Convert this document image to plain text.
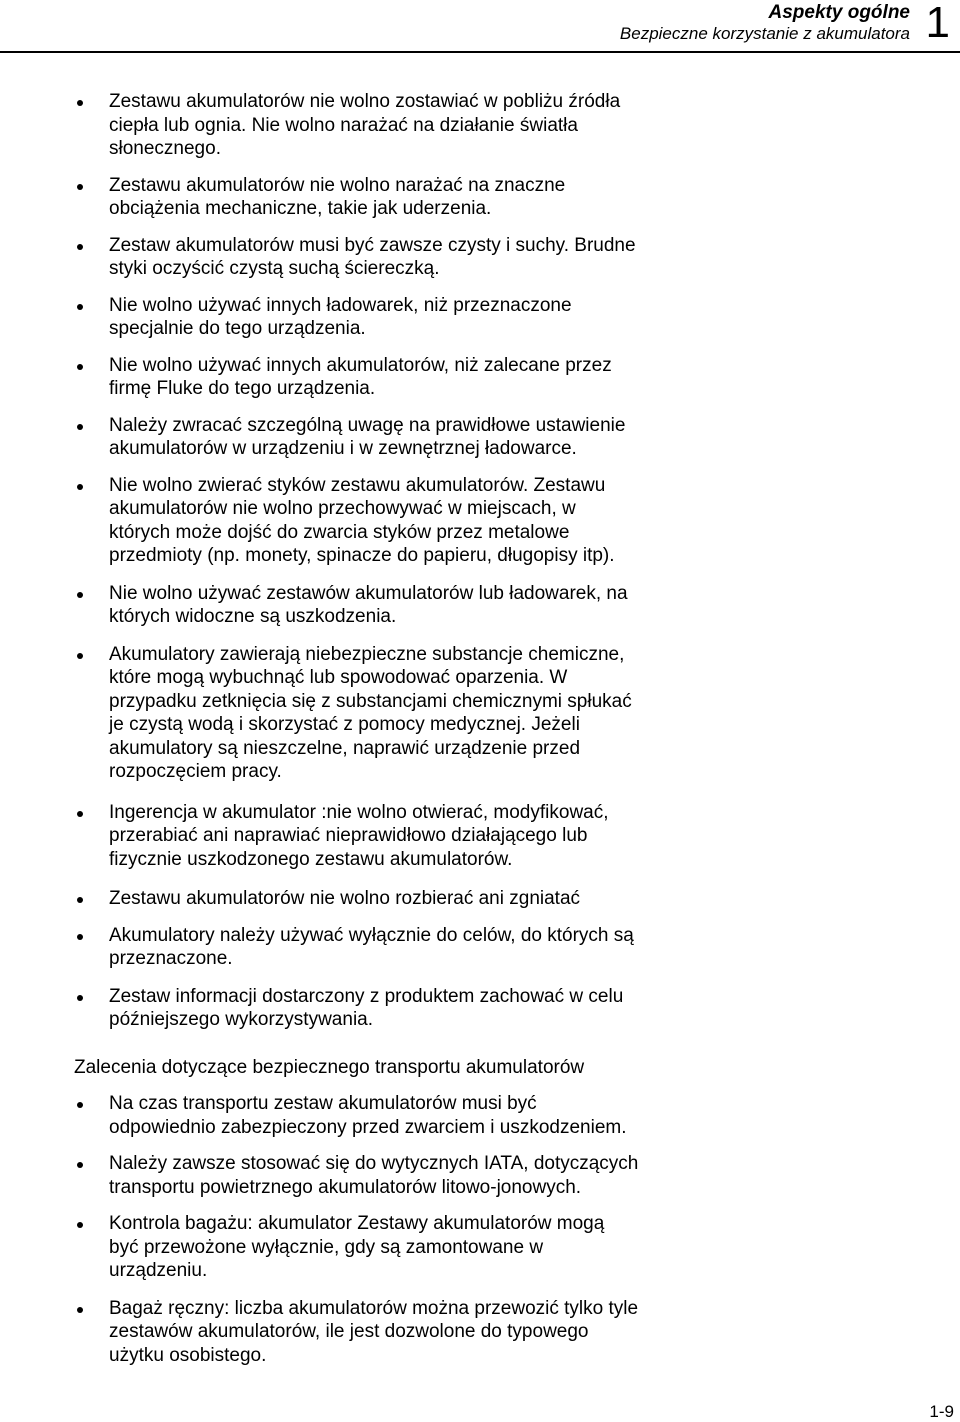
Aspekty ogólne
Bezpieczne korzystanie z akumulatora 1
Zestawu akumulatorów nie wolno zostawiać w pobliżu źródła
ciepła lub ognia. Nie wolno narażać na działanie światła
słonecznego.
Zestawu akumulatorów nie wolno narażać na znaczne
obciążenia mechaniczne, takie jak uderzenia.
Zestaw akumulatorów musi być zawsze czysty i suchy. Brudne
styki oczyścić czystą suchą ściereczką.
Nie wolno używać innych ładowarek, niż przeznaczone
specjalnie do tego urządzenia.
Nie wolno używać innych akumulatorów, niż zalecane przez
firmę Fluke do tego urządzenia.
Należy zwracać szczególną uwagę na prawidłowe ustawienie
akumulatorów w urządzeniu i w zewnętrznej ładowarce.
Nie wolno zwierać styków zestawu akumulatorów. Zestawu
akumulatorów nie wolno przechowywać w miejscach, w
których może dojść do zwarcia styków przez metalowe
przedmioty (np. monety, spinacze do papieru, długopisy itp).
Nie wolno używać zestawów akumulatorów lub ładowarek, na
których widoczne są uszkodzenia.
Akumulatory zawierają niebezpieczne substancje chemiczne,
które mogą wybuchnąć lub spowodować oparzenia. W
przypadku zetknięcia się z substancjami chemicznymi spłukać
je czystą wodą i skorzystać z pomocy medycznej. Jeżeli
akumulatory są nieszczelne, naprawić urządzenie przed
rozpoczęciem pracy.
Ingerencja w akumulator :nie wolno otwierać, modyfikować,
przerabiać ani naprawiać nieprawidłowo działającego lub
fizycznie uszkodzonego zestawu akumulatorów.
Zestawu akumulatorów nie wolno rozbierać ani zgniatać
Akumulatory należy używać wyłącznie do celów, do których są
przeznaczone.
Zestaw informacji dostarczony z produktem zachować w celu
późniejszego wykorzystywania.
Zalecenia dotyczące bezpiecznego transportu akumulatorów
Na czas transportu zestaw akumulatorów musi być
odpowiednio zabezpieczony przed zwarciem i uszkodzeniem.
Należy zawsze stosować się do wytycznych IATA, dotyczących
transportu powietrznego akumulatorów litowo-jonowych.
Kontrola bagażu: akumulator Zestawy akumulatorów mogą
być przewożone wyłącznie, gdy są zamontowane w
urządzeniu.
Bagaż ręczny: liczba akumulatorów można przewozić tylko tyle
zestawów akumulatorów, ile jest dozwolone do typowego
użytku osobistego.
1-9
